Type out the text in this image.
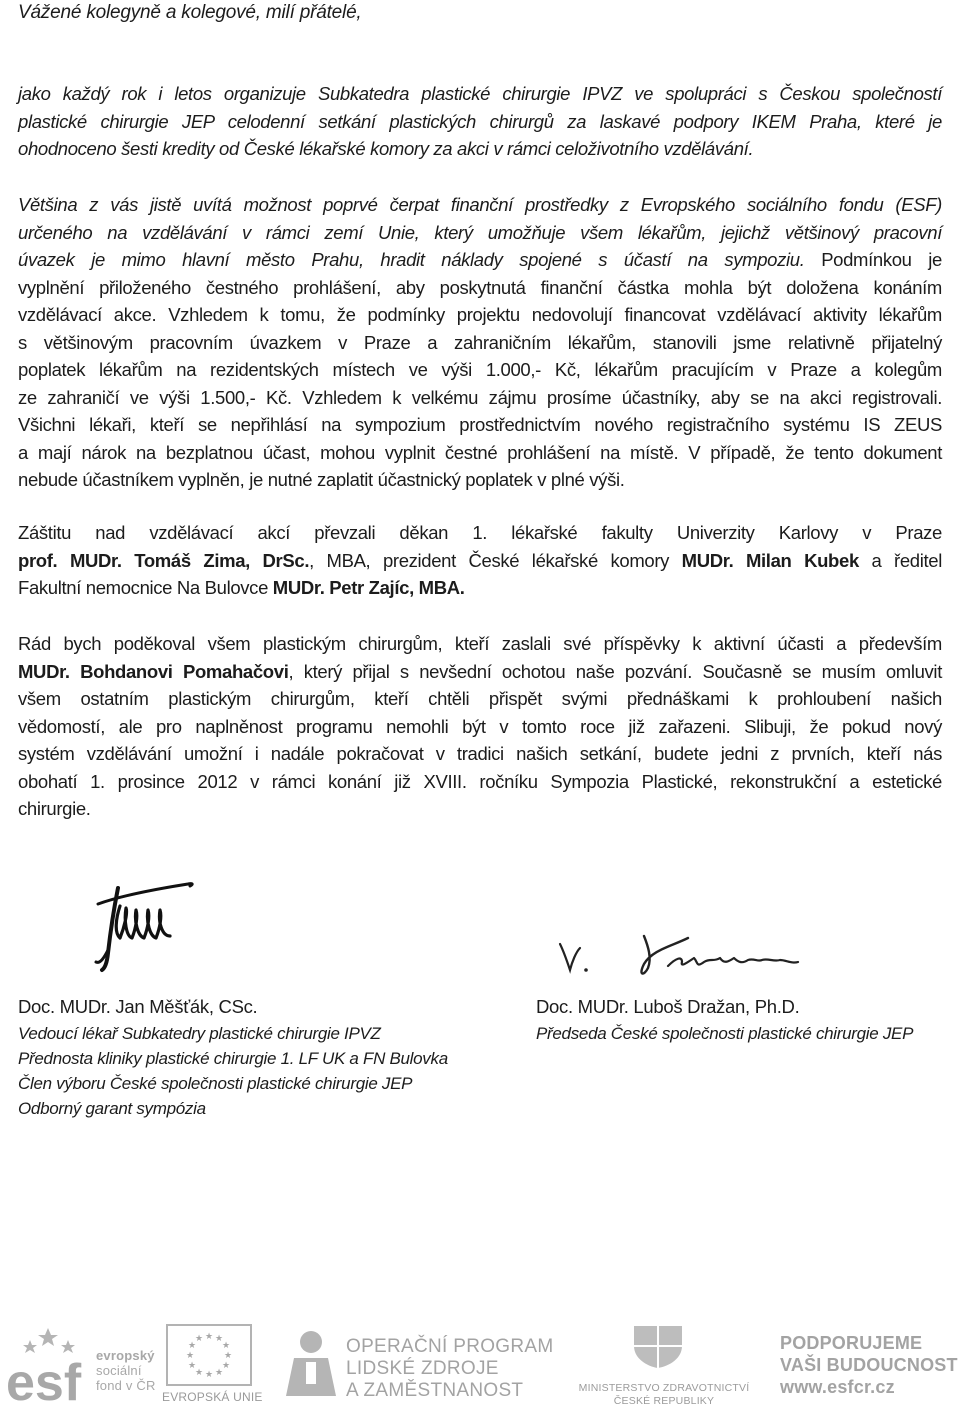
Vážené kolegyně a kolegové, milí přátelé,
jako každý rok i letos organizuje Subkatedra plastické chirurgie IPVZ ve spolupráci s Českou společností
plastické chirurgie JEP celodenní setkání plastických chirurgů za laskavé podpory IKEM Praha, které je
ohodnoceno šesti kredity od České lékařské komory za akci v rámci celoživotního vzdělávání.
Většina z vás jistě uvítá možnost poprvé čerpat finanční prostředky z Evropského sociálního fondu (ESF)
určeného na vzdělávání v rámci zemí Unie, který umožňuje všem lékařům, jejichž většinový pracovní
úvazek je mimo hlavní město Prahu, hradit náklady spojené s účastí na sympoziu. Podmínkou je
vyplnění přiloženého čestného prohlášení, aby poskytnutá finanční částka mohla být doložena konáním
vzdělávací akce. Vzhledem k tomu, že podmínky projektu nedovolují financovat vzdělávací aktivity lékařům
s většinovým pracovním úvazkem v Praze a zahraničním lékařům, stanovili jsme relativně přijatelný
poplatek lékařům na rezidentských místech ve výši 1.000,- Kč, lékařům pracujícím v Praze a kolegům
ze zahraničí ve výši 1.500,- Kč. Vzhledem k velkému zájmu prosíme účastníky, aby se na akci registrovali.
Všichni lékaři, kteří se nepřihlásí na sympozium prostřednictvím nového registračního systému IS ZEUS
a mají nárok na bezplatnou účast, mohou vyplnit čestné prohlášení na místě. V případě, že tento dokument
nebude účastníkem vyplněn, je nutné zaplatit účastnický poplatek v plné výši.
Záštitu nad vzdělávací akcí převzali děkan 1. lékařské fakulty Univerzity Karlovy v Praze
prof. MUDr. Tomáš Zima, DrSc., MBA, prezident České lékařské komory MUDr. Milan Kubek a ředitel
Fakultní nemocnice Na Bulovce MUDr. Petr Zajíc, MBA.
Rád bych poděkoval všem plastickým chirurgům, kteří zaslali své příspěvky k aktivní účasti a především
MUDr. Bohdanovi Pomahačovi, který přijal s nevšední ochotou naše pozvání. Současně se musím omluvit
všem ostatním plastickým chirurgům, kteří chtěli přispět svými přednáškami k prohloubení našich
vědomostí, ale pro naplněnost programu nemohli být v tomto roce již zařazeni. Slibuji, že pokud nový
systém vzdělávání umožní i nadále pokračovat v tradici našich setkání, budete jedni z prvních, kteří nás
obohatí 1. prosince 2012 v rámci konání již XVIII. ročníku Sympozia Plastické, rekonstrukční a estetické
chirurgie.
Doc. MUDr. Jan Měšťák, CSc.
Vedoucí lékař Subkatedry plastické chirurgie IPVZ
Přednosta kliniky plastické chirurgie 1. LF UK a FN Bulovka
Člen výboru České společnosti plastické chirurgie JEP
Odborný garant sympózia
Doc. MUDr. Luboš Dražan, Ph.D.
Předseda České společnosti plastické chirurgie JEP
esf evropský
sociální
fond v ČR
★ ★
★
★
★
★
★
★
★
★
★
★
EVROPSKÁ UNIE
OPERAČNÍ PROGRAM
LIDSKÉ ZDROJE
A ZAMĚSTNANOST	MINISTERSTVO ZDRAVOTNICTVÍ
ČESKÉ REPUBLIKY
PODPORUJEME
VAŠI BUDOUCNOST
www.esfcr.cz
